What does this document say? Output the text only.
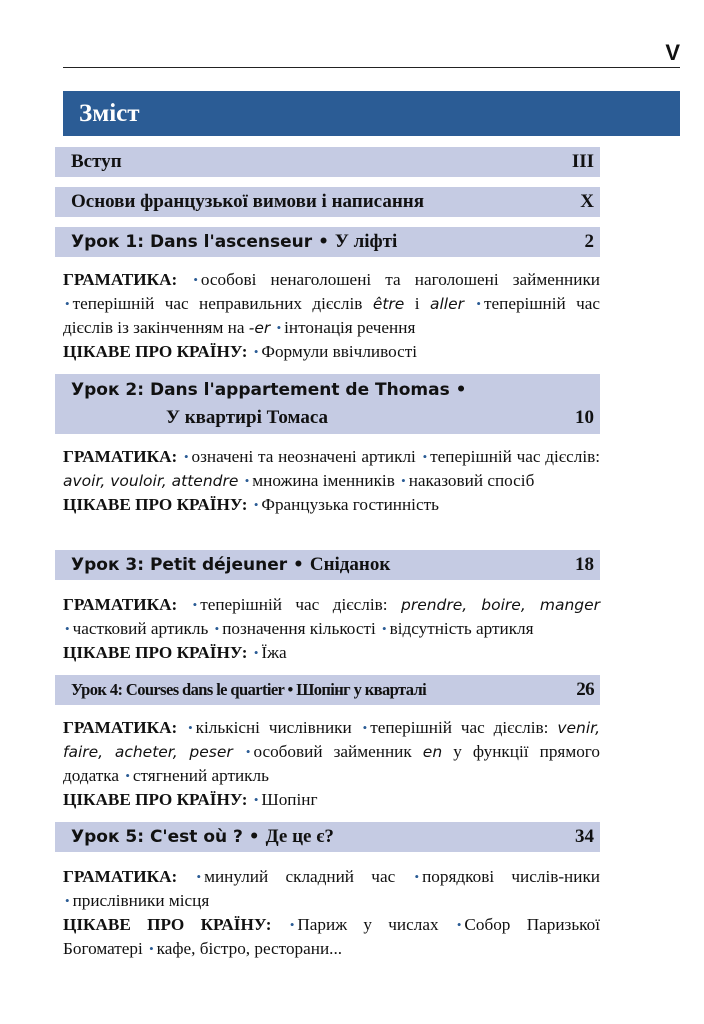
V
Зміст
Вступ	III
Основи французької вимови і написання	X
Урок 1: Dans l'ascenseur • У ліфті	2
ГРАМАТИКА: • особові ненаголошені та наголошені займенники • теперішній час неправильних дієслів être і aller • теперішній час дієслів із закінченням на -er • інтонація речення
ЦІКАВЕ ПРО КРАЇНУ: • Формули ввічливості
Урок 2: Dans l'appartement de Thomas •
У квартирі Томаса	10
ГРАМАТИКА: • означені та неозначені артиклі • теперішній час дієслів: avoir, vouloir, attendre • множина іменників • наказовий спосіб
ЦІКАВЕ ПРО КРАЇНУ: • Французька гостинність
Урок 3: Petit déjeuner • Сніданок	18
ГРАМАТИКА: • теперішній час дієслів: prendre, boire, manger • частковий артикль • позначення кількості • відсутність артикля
ЦІКАВЕ ПРО КРАЇНУ: • Їжа
Урок 4: Courses dans le quartier • Шопінг у кварталі	26
ГРАМАТИКА: • кількісні числівники • теперішній час дієслів: venir, faire, acheter, peser • особовий займенник en у функції прямого додатка • стягнений артикль
ЦІКАВЕ ПРО КРАЇНУ: • Шопінг
Урок 5: C'est où ? • Де це є?	34
ГРАМАТИКА: • минулий складний час • порядкові числів-ники • прислівники місця
ЦІКАВЕ ПРО КРАЇНУ: • Париж у числах • Собор Паризької Богоматері • кафе, бістро, ресторани...
